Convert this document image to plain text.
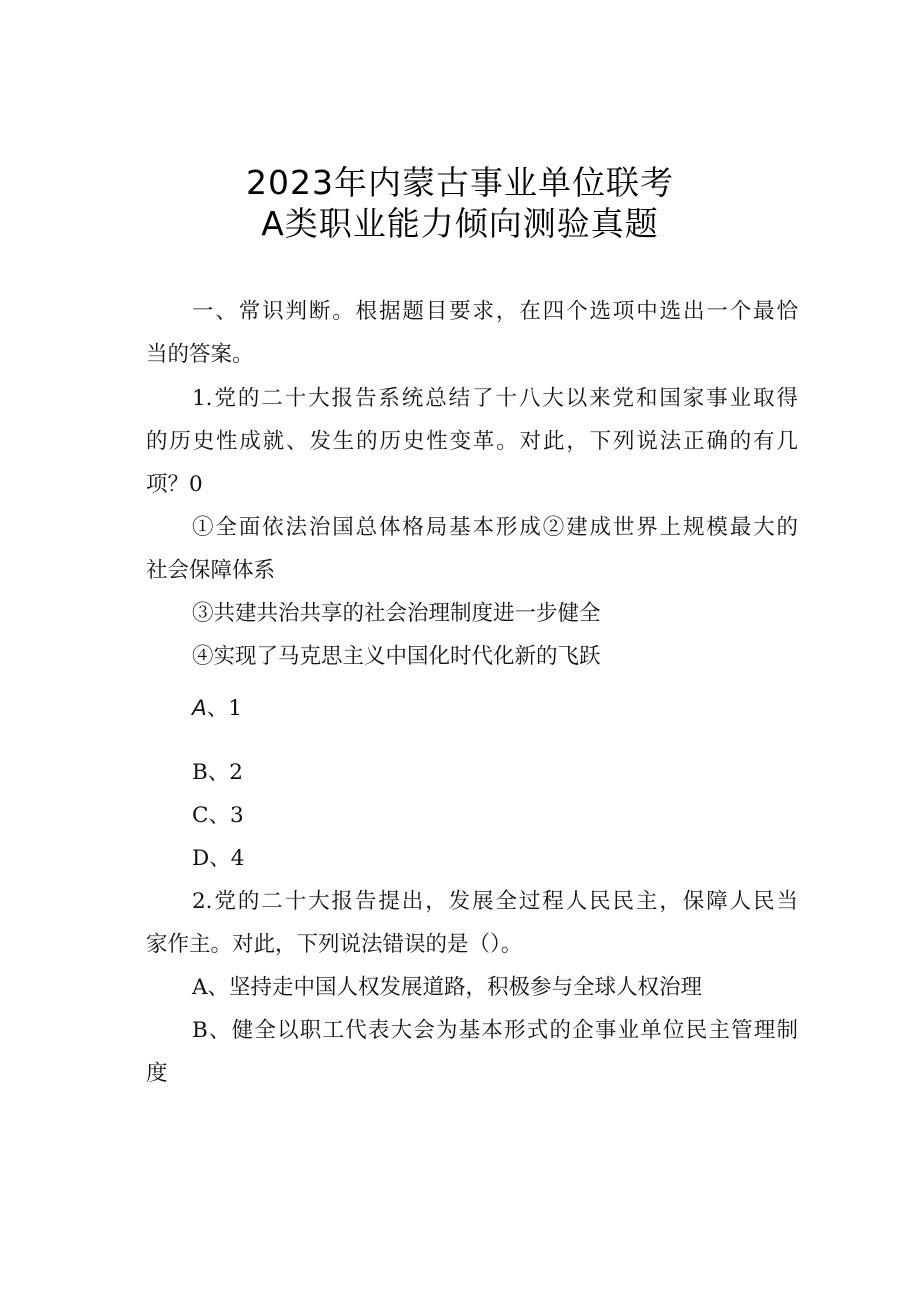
2023年内蒙古事业单位联考
A类职业能力倾向测验真题
一、常识判断。根据题目要求，在四个选项中选出一个最恰
当的答案。
1.党的二十大报告系统总结了十八大以来党和国家事业取得
的历史性成就、发生的历史性变革。对此，下列说法正确的有几
项？0
①全面依法治国总体格局基本形成②建成世界上规模最大的
社会保障体系
③共建共治共享的社会治理制度进一步健全
④实现了马克思主义中国化时代化新的飞跃
A、1
B、2
C、3
D、4
2.党的二十大报告提出，发展全过程人民民主，保障人民当
家作主。对此，下列说法错误的是（）。
A、坚持走中国人权发展道路，积极参与全球人权治理
B、健全以职工代表大会为基本形式的企事业单位民主管理制
度
